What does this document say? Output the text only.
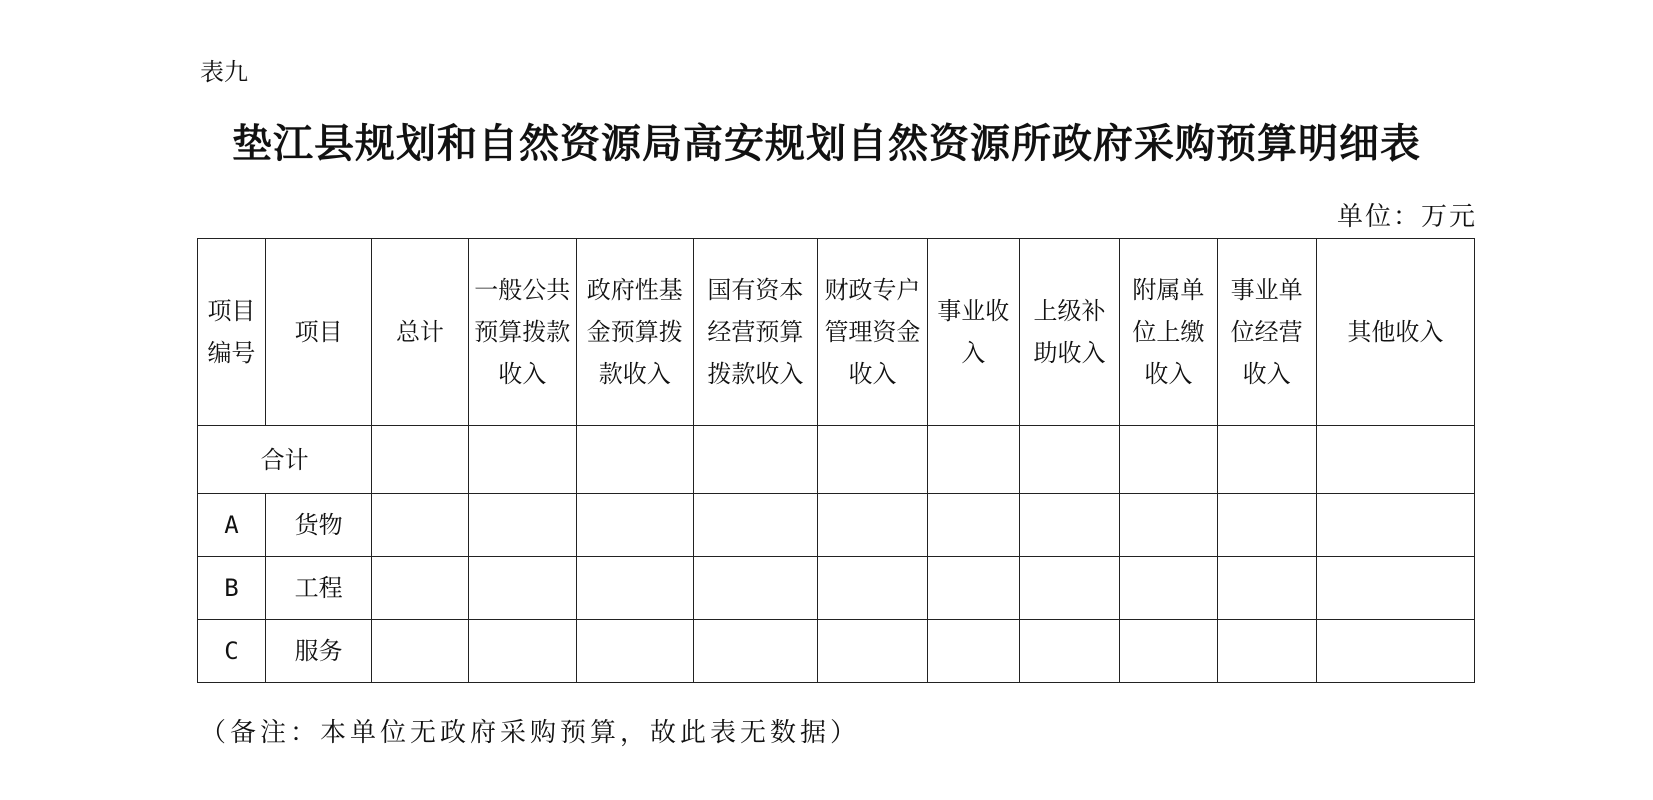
表九
垫江县规划和自然资源局高安规划自然资源所政府采购预算明细表
单位：万元
项目编号	项目	总计	一般公共预算拨款收入	政府性基金预算拨款收入	国有资本经营预算拨款收入	财政专户管理资金收入	事业收入	上级补助收入	附属单位上缴收入	事业单位经营收入	其他收入
合计											
A	货物										
B	工程										
C	服务										
（备注：本单位无政府采购预算，故此表无数据）
